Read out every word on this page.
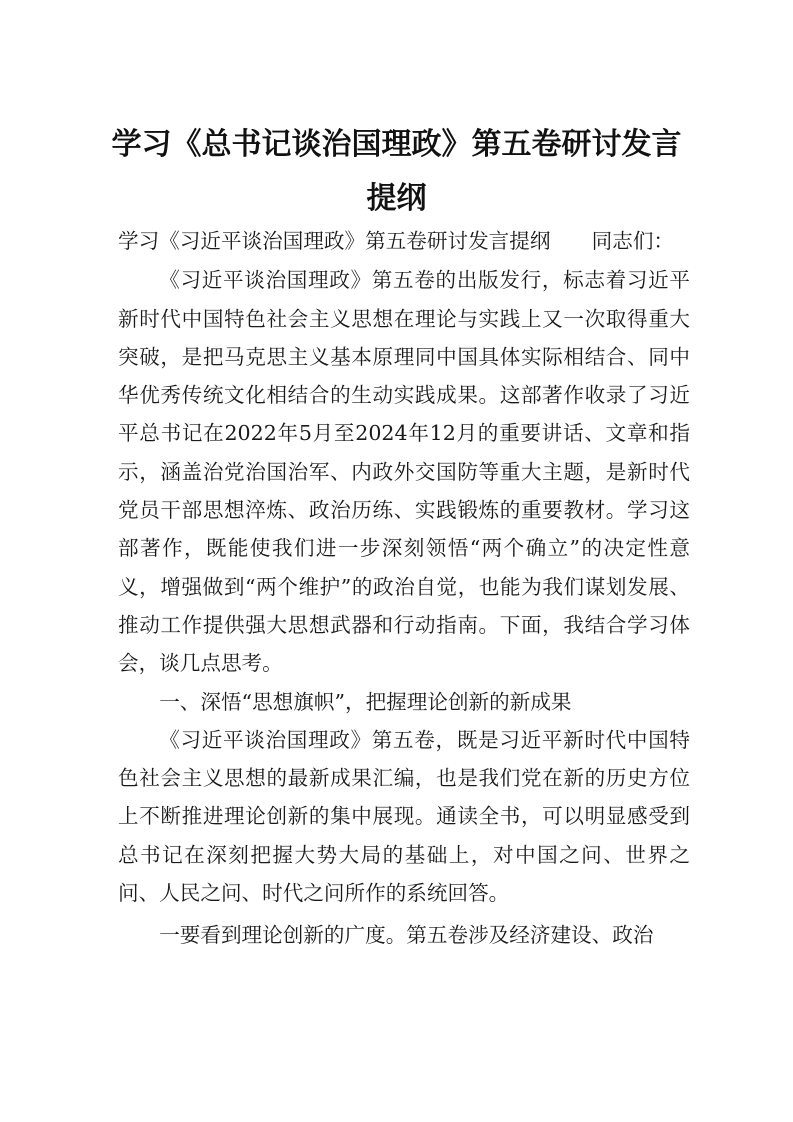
学习《总书记谈治国理政》第五卷研讨发言提纲

学习《习近平谈治国理政》第五卷研讨发言提纲　　同志们：

《习近平谈治国理政》第五卷的出版发行，标志着习近平新时代中国特色社会主义思想在理论与实践上又一次取得重大突破，是把马克思主义基本原理同中国具体实际相结合、同中华优秀传统文化相结合的生动实践成果。这部著作收录了习近平总书记在2022年5月至2024年12月的重要讲话、文章和指示，涵盖治党治国治军、内政外交国防等重大主题，是新时代党员干部思想淬炼、政治历练、实践锻炼的重要教材。学习这部著作，既能使我们进一步深刻领悟“两个确立”的决定性意义，增强做到“两个维护”的政治自觉，也能为我们谋划发展、推动工作提供强大思想武器和行动指南。下面，我结合学习体会，谈几点思考。

一、深悟“思想旗帜”，把握理论创新的新成果

《习近平谈治国理政》第五卷，既是习近平新时代中国特色社会主义思想的最新成果汇编，也是我们党在新的历史方位上不断推进理论创新的集中展现。通读全书，可以明显感受到总书记在深刻把握大势大局的基础上，对中国之问、世界之问、人民之问、时代之问所作的系统回答。

一要看到理论创新的广度。第五卷涉及经济建设、政治
